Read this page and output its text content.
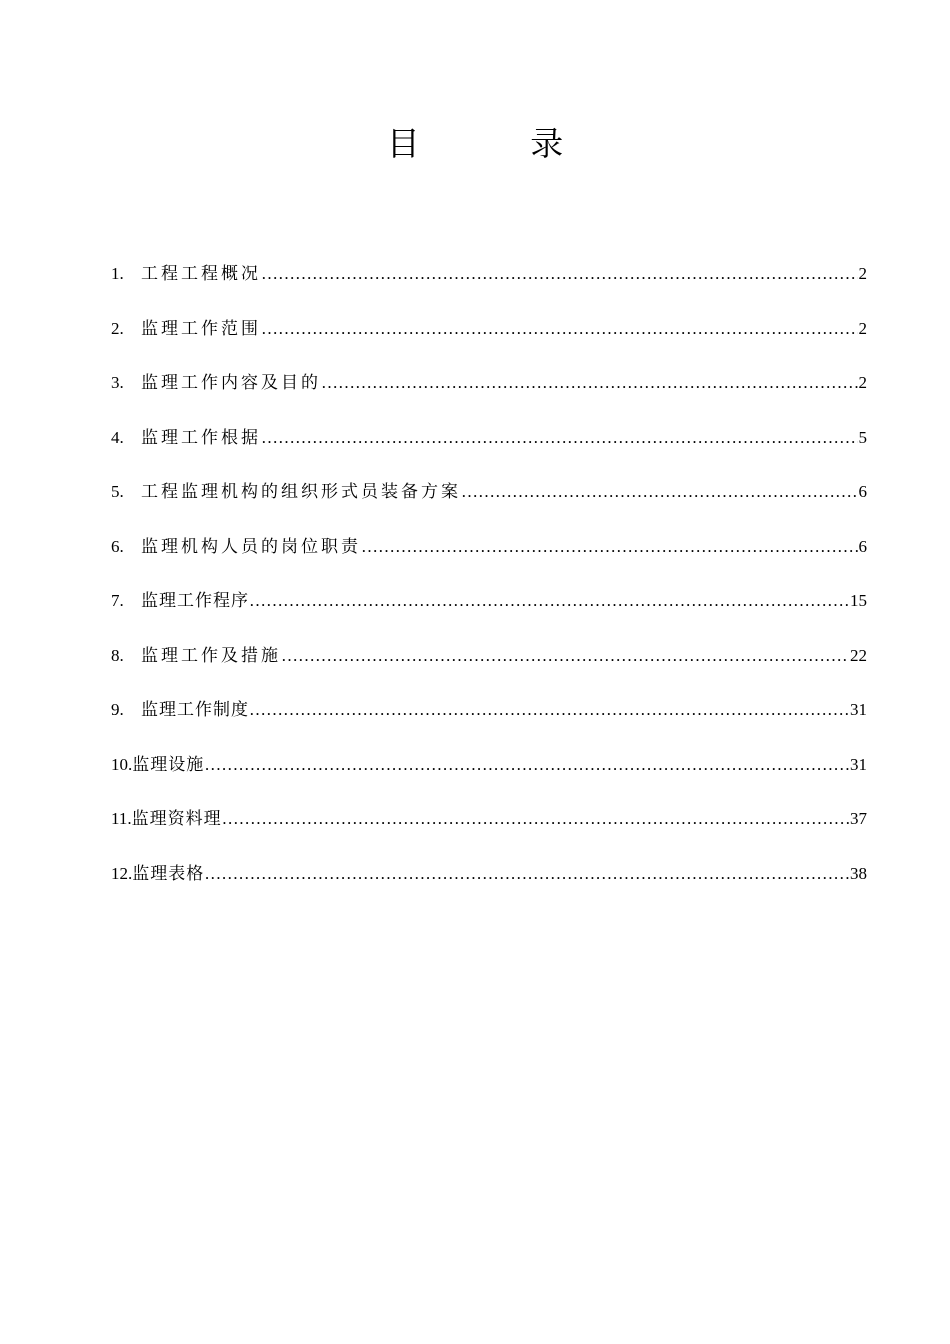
目 录
1.	工程工程概况 ……………………………………………………………………………………………………………………………………………………………………………………………………	2
2.	监理工作范围 ……………………………………………………………………………………………………………………………………………………………………………………………………	2
3.	监理工作内容及目的 ……………………………………………………………………………………………………………………………………………………………………………………………………	2
4.	监理工作根据 ……………………………………………………………………………………………………………………………………………………………………………………………………	5
5.	工程监理机构的组织形式员装备方案 ……………………………………………………………………………………………………………………………………………………………………………………………………	6
6.	监理机构人员的岗位职责 ……………………………………………………………………………………………………………………………………………………………………………………………………	6
7.	监理工作程序 ……………………………………………………………………………………………………………………………………………………………………………………………………	15
8.	监理工作及措施 ……………………………………………………………………………………………………………………………………………………………………………………………………	22
9.	监理工作制度 ……………………………………………………………………………………………………………………………………………………………………………………………………	31
10. 监理设施 ……………………………………………………………………………………………………………………………………………………………………………………………………	31
11. 监理资料理 ……………………………………………………………………………………………………………………………………………………………………………………………………	37
12. 监理表格 ……………………………………………………………………………………………………………………………………………………………………………………………………	38
